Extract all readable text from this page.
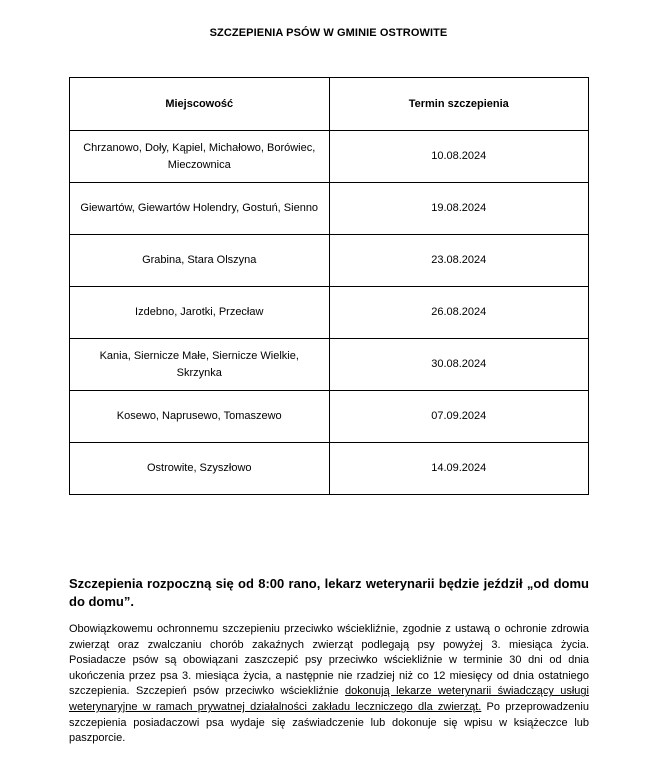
SZCZEPIENIA PSÓW W GMINIE OSTROWITE
Miejscowość	Termin szczepienia
Chrzanowo, Doły, Kąpiel, Michałowo, Borówiec, Mieczownica	10.08.2024
Giewartów, Giewartów Holendry, Gostuń, Sienno	19.08.2024
Grabina, Stara Olszyna	23.08.2024
Izdebno, Jarotki, Przecław	26.08.2024
Kania, Siernicze Małe, Siernicze Wielkie, Skrzynka	30.08.2024
Kosewo, Naprusewo, Tomaszewo	07.09.2024
Ostrowite, Szyszłowo	14.09.2024
Szczepienia rozpoczną się od 8:00 rano, lekarz weterynarii będzie jeździł „od domu do domu”.
Obowiązkowemu ochronnemu szczepieniu przeciwko wściekliźnie, zgodnie z ustawą o ochronie zdrowia zwierząt oraz zwalczaniu chorób zakaźnych zwierząt podlegają psy powyżej 3. miesiąca życia. Posiadacze psów są obowiązani zaszczepić psy przeciwko wściekliźnie w terminie 30 dni od dnia ukończenia przez psa 3. miesiąca życia, a następnie nie rzadziej niż co 12 miesięcy od dnia ostatniego szczepienia. Szczepień psów przeciwko wściekliźnie dokonują lekarze weterynarii świadczący usługi weterynaryjne w ramach prywatnej działalności zakładu leczniczego dla zwierząt. Po przeprowadzeniu szczepienia posiadaczowi psa wydaje się zaświadczenie lub dokonuje się wpisu w książeczce lub paszporcie.
